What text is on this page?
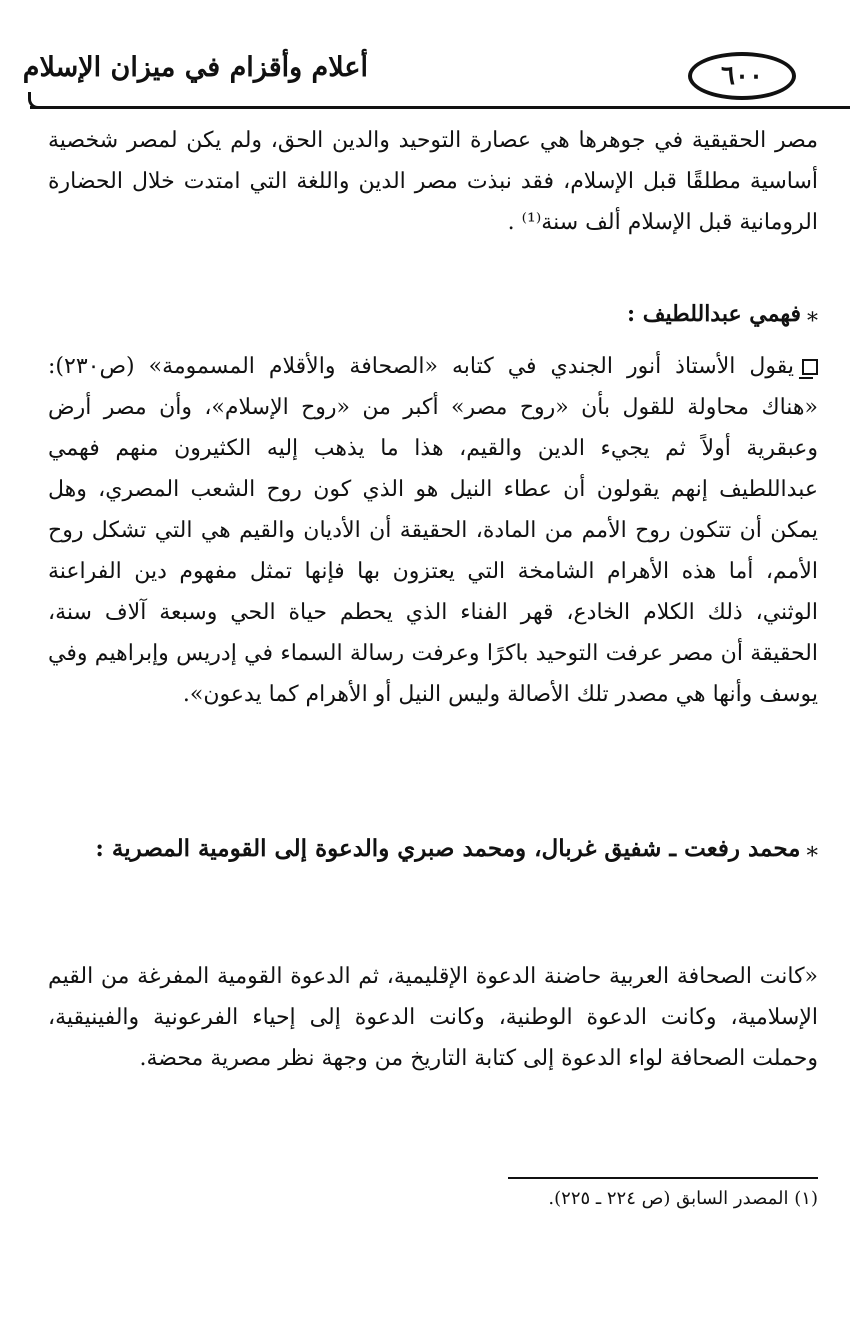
أعلام وأقزام في ميزان الإسلام	٦٠٠

مصر الحقيقية في جوهرها هي عصارة التوحيد والدين الحق، ولم يكن لمصر شخصية أساسية مطلقًا قبل الإسلام، فقد نبذت مصر الدين واللغة التي امتدت خلال الحضارة الرومانية قبل الإسلام ألف سنة⁽¹⁾ .

⁎فهمي عبداللطيف :
يقول الأستاذ أنور الجندي في كتابه «الصحافة والأقلام المسمومة» (ص٢٣٠): «هناك محاولة للقول بأن «روح مصر» أكبر من «روح الإسلام»، وأن مصر أرض وعبقرية أولاً ثم يجيء الدين والقيم، هذا ما يذهب إليه الكثيرون منهم فهمي عبداللطيف إنهم يقولون أن عطاء النيل هو الذي كون روح الشعب المصري، وهل يمكن أن تتكون روح الأمم من المادة، الحقيقة أن الأديان والقيم هي التي تشكل روح الأمم، أما هذه الأهرام الشامخة التي يعتزون بها فإنها تمثل مفهوم دين الفراعنة الوثني، ذلك الكلام الخادع، قهر الفناء الذي يحطم حياة الحي وسبعة آلاف سنة، الحقيقة أن مصر عرفت التوحيد باكرًا وعرفت رسالة السماء في إدريس وإبراهيم وفي يوسف وأنها هي مصدر تلك الأصالة وليس النيل أو الأهرام كما يدعون».
⁎محمد رفعت ـ شفيق غربال، ومحمد صبري والدعوة إلى القومية المصرية :

«كانت الصحافة العربية حاضنة الدعوة الإقليمية، ثم الدعوة القومية المفرغة من القيم الإسلامية، وكانت الدعوة الوطنية، وكانت الدعوة إلى إحياء الفرعونية والفينيقية، وحملت الصحافة لواء الدعوة إلى كتابة التاريخ من وجهة نظر مصرية محضة.

(١) المصدر السابق (ص ٢٢٤ ـ ٢٢٥).
